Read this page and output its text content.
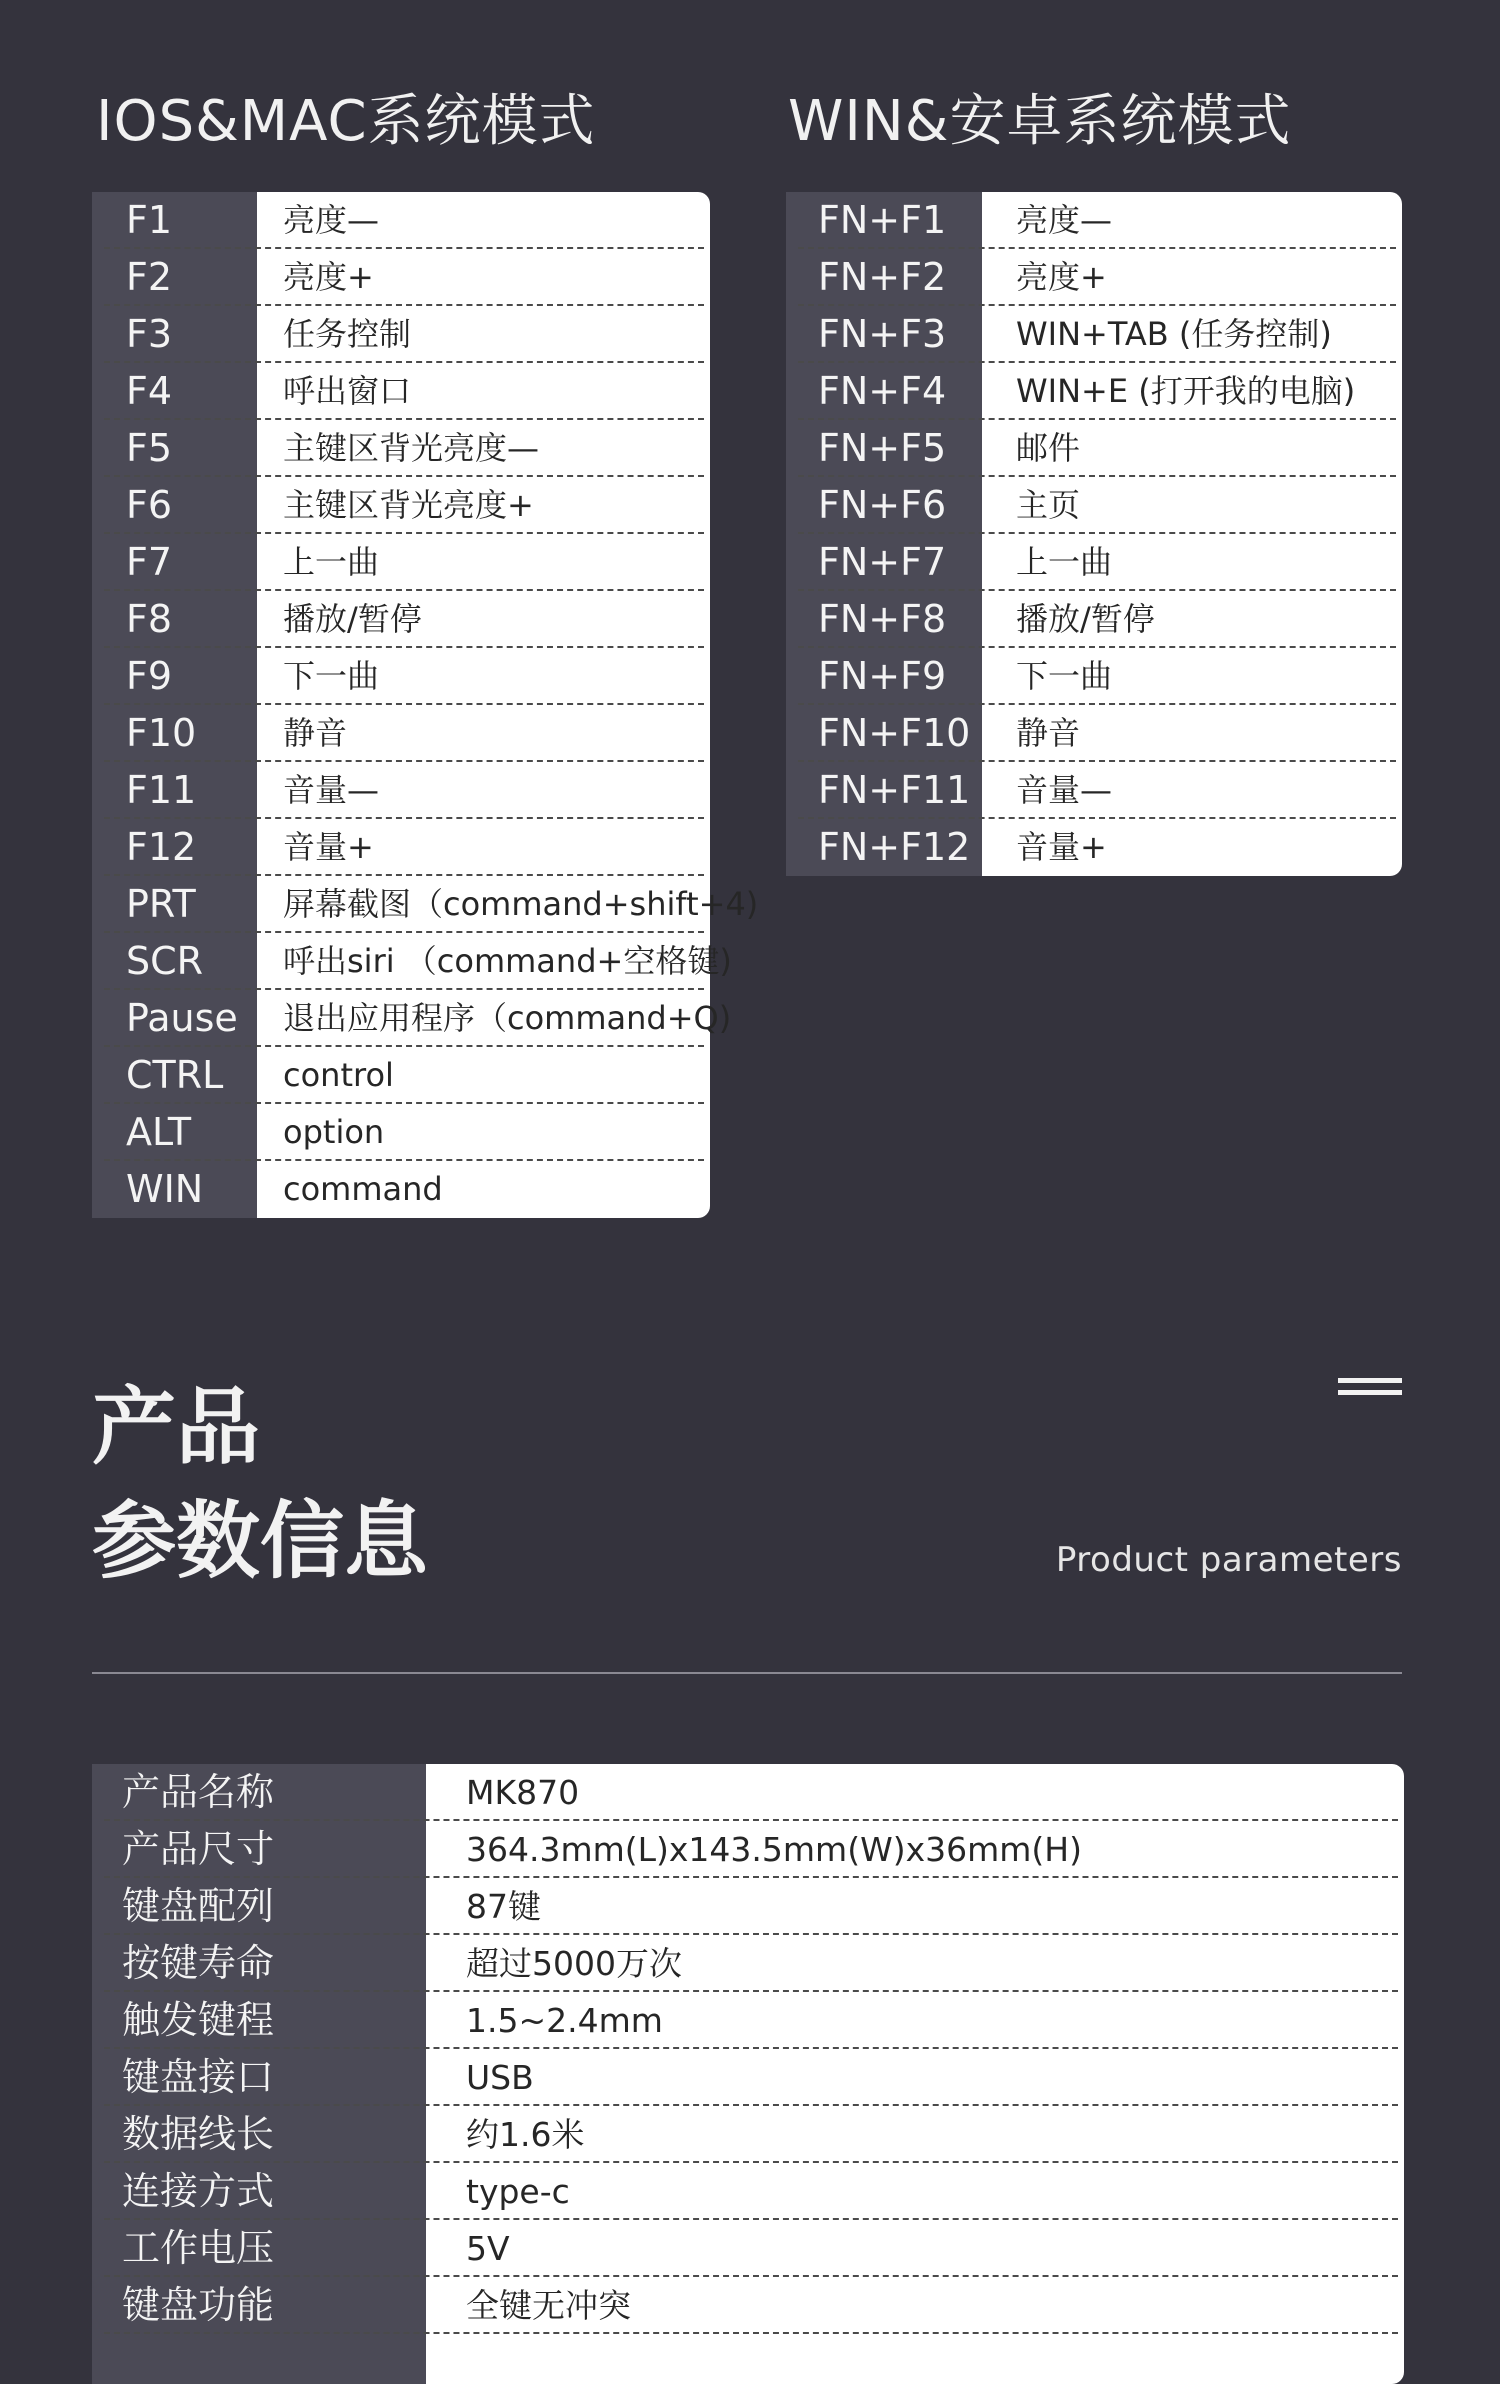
IOS&MAC系统模式	WIN&安卓系统模式
F1	亮度—
F2	亮度+
F3	任务控制
F4	呼出窗口
F5	主键区背光亮度—
F6	主键区背光亮度+
F7	上一曲
F8	播放/暂停
F9	下一曲
F10	静音
F11	音量—
F12	音量+
PRT	屏幕截图（command+shift+4)
SCR 呼出siri （command+空格键)
Pause 退出应用程序（command+Q)
CTRL control
ALT	option
WIN command
FN+F1 亮度—
FN+F2 亮度+
FN+F3 WIN+TAB (任务控制)
FN+F4 WIN+E (打开我的电脑)
FN+F5 邮件
FN+F6 主页
FN+F7 上一曲
FN+F8 播放/暂停
FN+F9 下一曲
FN+F10 静音
FN+F11 音量—
FN+F12 音量+
产品
参数信息	Product parameters
产品名称	MK870
产品尺寸	364.3mm(L)x143.5mm(W)x36mm(H)
键盘配列	87键
按键寿命	超过5000万次
触发键程	1.5~2.4mm
键盘接口	USB
数据线长	约1.6米
连接方式	type-c
工作电压	5V
键盘功能	全键无冲突
